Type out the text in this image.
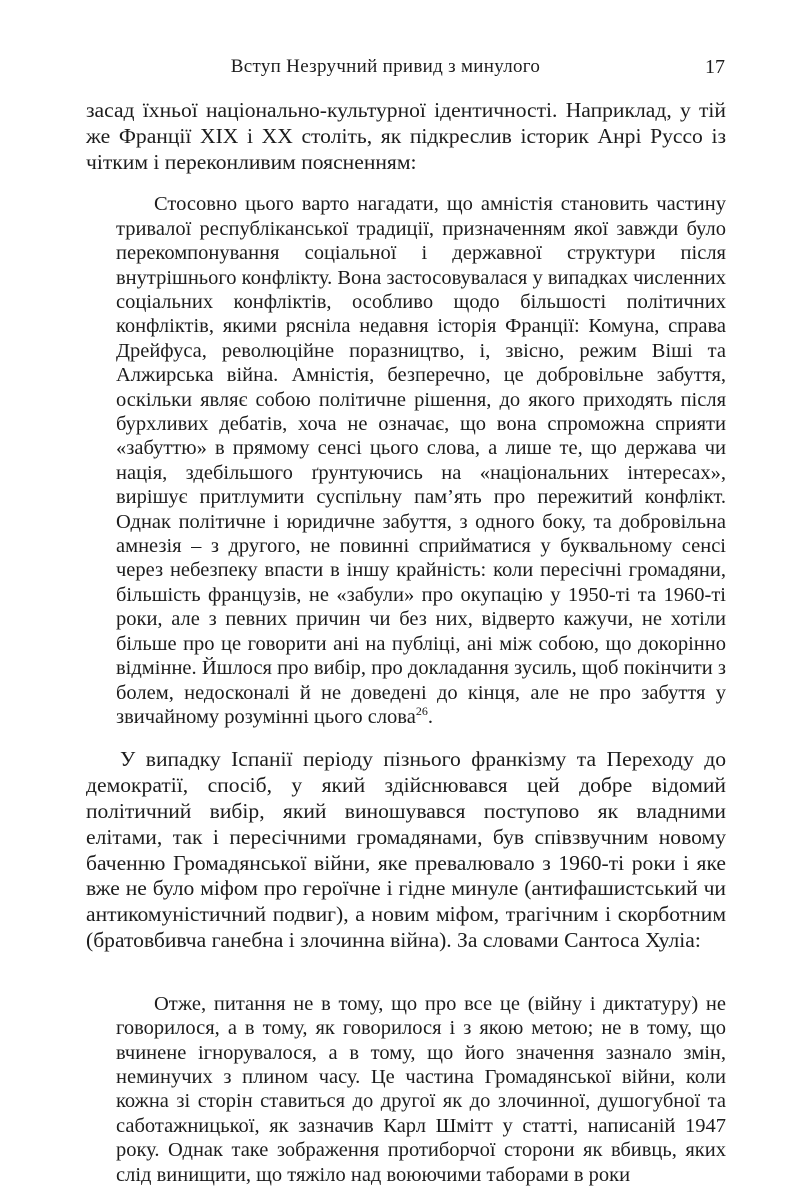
Вступ Незручний привид з минулого	17

засад їхньої національно-культурної ідентичності. Наприклад, у тій же Франції XIX і XX століть, як підкреслив історик Анрі Руссо із чітким і переконливим поясненням:

Стосовно цього варто нагадати, що амністія становить частину тривалої республіканської традиції, призначенням якої завжди було перекомпонування соціальної і державної структури після внутрішнього конфлікту. Вона застосовувалася у випадках численних соціальних конфліктів, особливо щодо більшості політичних конфліктів, якими рясніла недавня історія Франції: Комуна, справа Дрейфуса, революційне поразництво, і, звісно, режим Віші та Алжирська війна. Амністія, безперечно, це добровільне забуття, оскільки являє собою політичне рішення, до якого приходять після бурхливих дебатів, хоча не означає, що вона спроможна сприяти «забуттю» в прямому сенсі цього слова, а лише те, що держава чи нація, здебільшого ґрунтуючись на «національних інтересах», вирішує притлумити суспільну пам’ять про пережитий конфлікт. Однак політичне і юридичне забуття, з одного боку, та добровільна амнезія – з другого, не повинні сприйматися у буквальному сенсі через небезпеку впасти в іншу крайність: коли пересічні громадяни, більшість французів, не «забули» про окупацію у 1950-ті та 1960-ті роки, але з певних причин чи без них, відверто кажучи, не хотіли більше про це говорити ані на публіці, ані між собою, що докорінно відмінне. Йшлося про вибір, про докладання зусиль, щоб покінчити з болем, недосконалі й не доведені до кінця, але не про забуття у звичайному розумінні цього слова$^{26}$.

У випадку Іспанії періоду пізнього франкізму та Переходу до демократії, спосіб, у який здійснювався цей добре відомий політичний вибір, який виношувався поступово як владними елітами, так і пересічними громадянами, був співзвучним новому баченню Громадянської війни, яке превалювало з 1960-ті роки і яке вже не було міфом про героїчне і гідне минуле (антифашистський чи антикомуністичний подвиг), а новим міфом, трагічним і скорботним (братовбивча ганебна і злочинна війна). За словами Сантоса Хуліа:

Отже, питання не в тому, що про все це (війну і диктатуру) не говорилося, а в тому, як говорилося і з якою метою; не в тому, що вчинене ігнорувалося, а в тому, що його значення зазнало змін, неминучих з плином часу. Це частина Громадянської війни, коли кожна зі сторін ставиться до другої як до злочинної, душогубної та саботажницької, як зазначив Карл Шмітт у статті, написаній 1947 року. Однак таке зображення протиборчої сторони як вбивць, яких слід винищити, що тяжіло над воюючими таборами в роки
